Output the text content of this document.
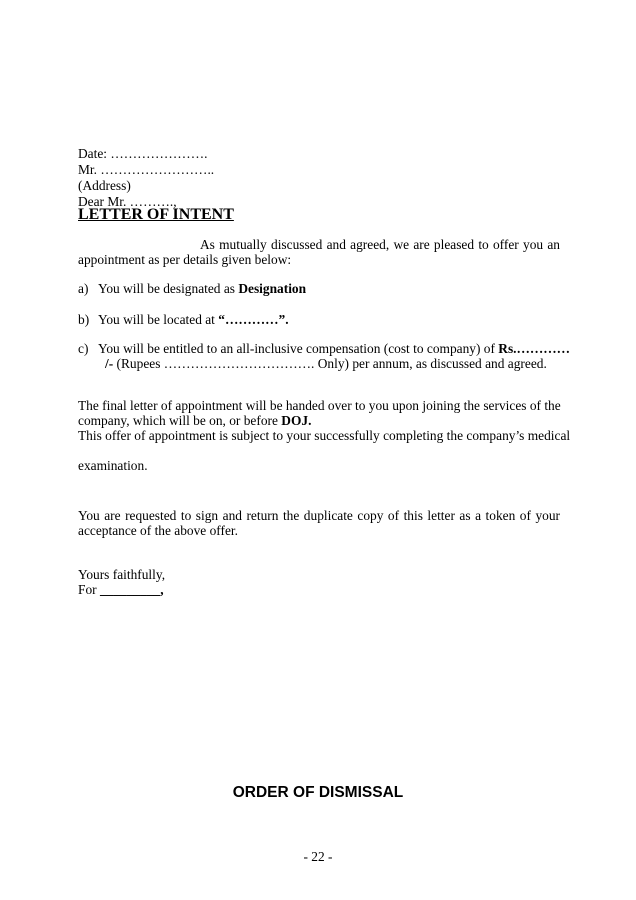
Date: ………………….
Mr. ……………………..
(Address)
Dear Mr. ……….,
LETTER OF INTENT
As mutually discussed and agreed, we are pleased to offer you an
appointment as per details given below:
a) You will be designated as Designation
b) You will be located at “…………”.
c) You will be entitled to an all-inclusive compensation (cost to company) of Rs.…………
/- (Rupees ……………………………. Only) per annum, as discussed and agreed.
The final letter of appointment will be handed over to you upon joining the services of the
company, which will be on, or before DOJ.
This offer of appointment is subject to your successfully completing the company’s medical
examination.
You are requested to sign and return the duplicate copy of this letter as a token of your
acceptance of the above offer.
Yours faithfully,
For _________,
ORDER OF DISMISSAL
- 22 -
